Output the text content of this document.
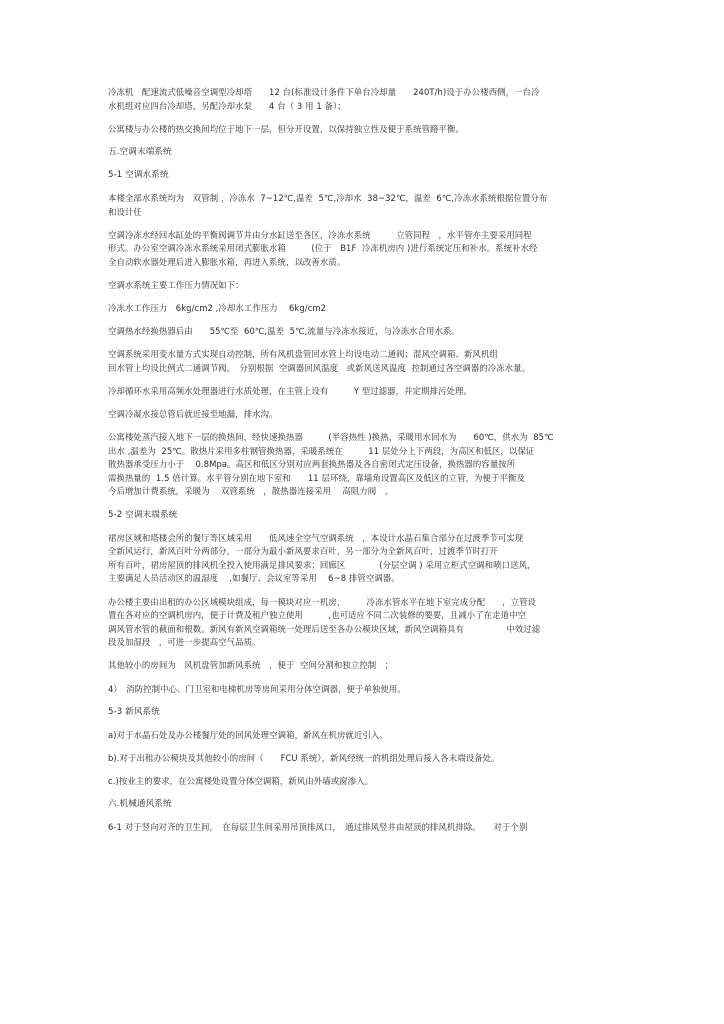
冷冻机　配速流式低噪音空调型冷却塔　　12 台(标准设计条件下单台冷却量　　240T/h)设于办公楼西侧，一台冷

水机组对应四台冷却塔，另配冷却水泵　　4 台（ 3 用 1 备）；

公寓楼与办公楼的热交换间均位于地下一层，但分开设置，以保持独立性及便于系统管路平衡。

五.空调末端系统

5-1 空调水系统

本楼全部水系统均为　双管制 ，冷冻水  7~12℃,温差  5℃,冷却水  38~32℃，温差  6℃,冷冻水系统根据位置分布

和设计任

空调冷冻水经回水缸处的平衡阀调节并由分水缸送至各区，冷冻水系统　　　立管同程　，水平管亦主要采用同程

形式。办公室空调冷冻水系统采用闭式膨胀水箱　　　(位于　B1F  冷冻机房内 )进行系统定压和补水。系统补水经

全自动软水器处理后进入膨胀水箱，再进入系统，以改善水质。

空调水系统主要工作压力情况如下：

冷冻水工作压力　6kg/cm2 ,冷却水工作压力　 6kg/cm2

空调热水经换热器后由　　55℃至  60℃,温差  5℃,流量与冷冻水接近，与冷冻水合用水系。

空调系统采用变水量方式实现自动控制，所有风机盘管回水管上均设电动二通阀；混风空调箱、新风机组

回水管上均设比例式二通调节阀，　分别根据  空调器回风温度　或新风送风温度  控制通过各空调器的冷冻水量。

冷却循环水采用高频水处理器进行水质处理，在主管上设有　　　Y 型过滤器，并定期排污处理。

空调冷凝水接总管后就近接至地漏，排水沟。

公寓楼处蒸汽接入地下一层的换热间，经快速换热器　　　(半容热性 )换热，采暖用水回水为　　60℃，供水为  85℃

出水 ,温差为  25℃。散热片采用多柱钢管换热器，采暖系统在　　　11 层处分上下两段，为高区和低区，以保证

散热器承受压力小于　 0.8Mpa。高区和低区分别对应两套换热器及各自密闭式定压设备，换热器的容量按所

需换热量的  1.5 倍计算。水平管分别在地下室和　　11 层环绕，靠墙角设置高区及低区的立管，为便于平衡及

今后增加计费系统，采暖为　 双管系统　，散热器连接采用　 高阻力阀　。

5-2 空调末端系统

裙房区域和塔楼会所的餐厅等区域采用　　低风速全空气空调系统　，本设计水晶石集合部分在过渡季节可实现

全新风运行，新风百叶分两部分，一部分为最小新风要求百叶，另一部分为全新风百叶，过渡季节时打开

所有百叶，裙房屋顶的排风机全投入使用满足排风要求；回廊区　　　　(分层空调 ) 采用立柜式空调和喷口送风，

主要满足人员活动区的温湿度　 ,如餐厅、会议室等采用　 6~8 排管空调器。

办公楼主要由出租的办公区域模块组成，每一模块对应一机房，　　　冷冻水管水平在地下室完成分配　　，立管设

置在各对应的空调机房内，便于计费及租户独立使用　　　,也可适应不同二次装修的要要，且减小了在走道中空

调风管水管的截面和根数。新风有新风空调箱统一处理后送至各办公模块区域，新风空调箱具有　　　　　中效过滤

段及加湿段　，可进一步提高空气品质。

其他较小的房间为　风机盘管加新风系统　，便于  空间分割和独立控制　；

4）　消防控制中心、门卫室和电梯机房等房间采用分体空调器，便于单独使用。

5-3 新风系统

a)对于水晶石处及办公楼餐厅处的回风处理空调箱，新风在机房就近引入。

b).对于出租办公模块及其他较小的房间（　　FCU 系统），新风经统一的机组处理后接入各末端设备处。

c.)按业主的要求，在公寓楼处设置分体空调箱，新风由外墙或窗渗入。

六.机械通风系统

6-1 对于竖向对齐的卫生间，　在每层卫生间采用吊顶排风口，　通过排风竖井由屋顶的排风机排除。　　对于个别
